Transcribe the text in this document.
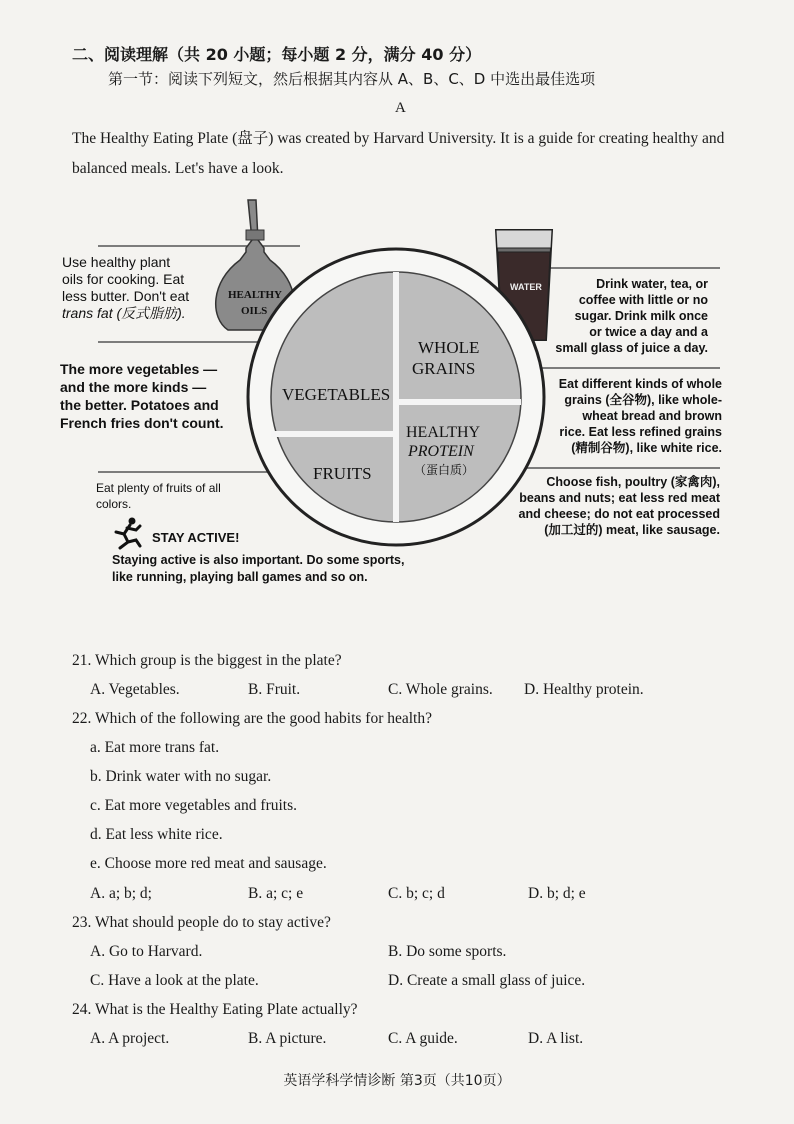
二、阅读理解（共 20 小题；每小题 2 分，满分 40 分）
第一节：阅读下列短文，然后根据其内容从 A、B、C、D 中选出最佳选项
A
The Healthy Eating Plate (盘子) was created by Harvard University. It is a guide for creating healthy and balanced meals. Let's have a look.
WATER
HEALTHY
OILS
VEGETABLES
FRUITS
WHOLE
GRAINS
HEALTHY
PROTEIN
（蛋白质）
Use healthy plant
oils for cooking. Eat
less butter. Don't eat
trans fat (反式脂肪).
The more vegetables —
and the more kinds —
the better. Potatoes and
French fries don't count.
Eat plenty of fruits of all
colors.
STAY ACTIVE!
Staying active is also important. Do some sports,
like running, playing ball games and so on.
Drink water, tea, or
coffee with little or no
sugar. Drink milk once
or twice a day and a
small glass of juice a day.
Eat different kinds of whole
grains (全谷物), like whole-
wheat bread and brown
rice. Eat less refined grains
(精制谷物), like white rice.
Choose fish, poultry (家禽肉),
beans and nuts; eat less red meat
and cheese; do not eat processed
(加工过的) meat, like sausage.
21. Which group is the biggest in the plate?
A. Vegetables.	B. Fruit.	C. Whole grains. D. Healthy protein.
22. Which of the following are the good habits for health?
a. Eat more trans fat.
b. Drink water with no sugar.
c. Eat more vegetables and fruits.
d. Eat less white rice.
e. Choose more red meat and sausage.
A. a; b; d;	B. a; c; e	C. b; c; d	D. b; d; e
23. What should people do to stay active?
A. Go to Harvard.	B. Do some sports.
C. Have a look at the plate.	D. Create a small glass of juice.
24. What is the Healthy Eating Plate actually?
A. A project.	B. A picture.	C. A guide.	D. A list.
英语学科学情诊断 第3页（共10页）
